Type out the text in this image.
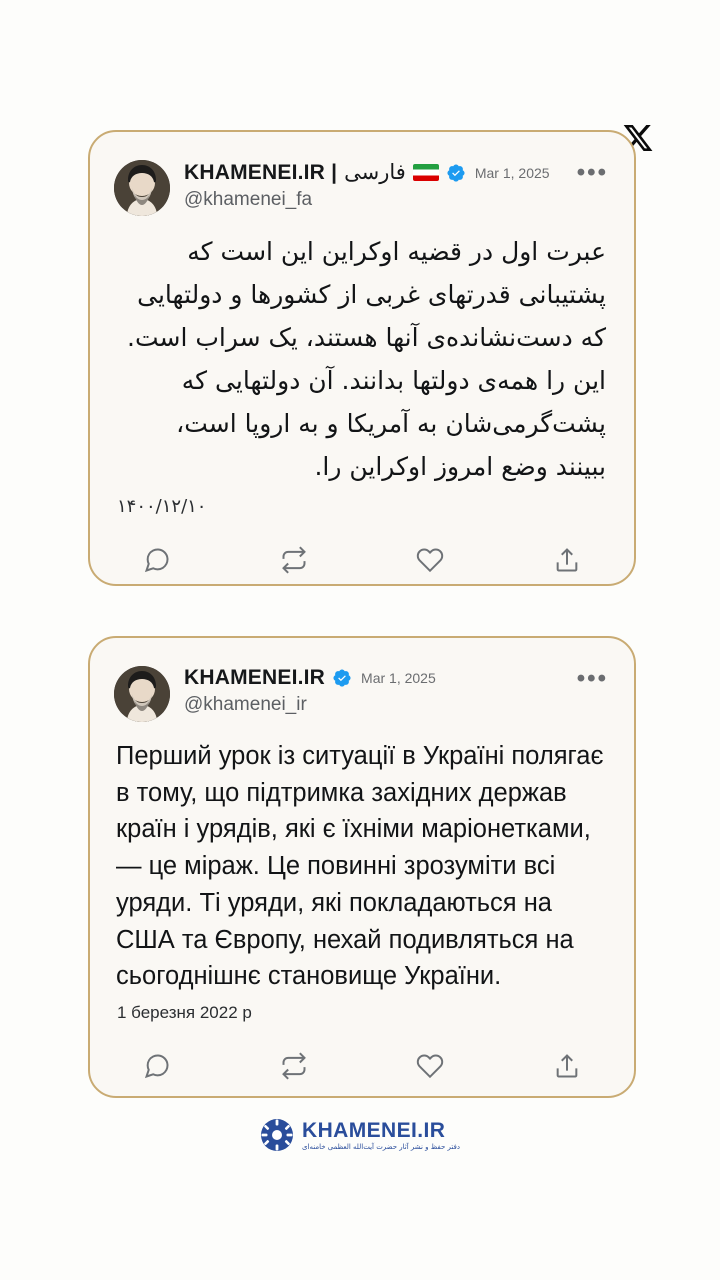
•••
KHAMENEI.IR | فارسی	Mar 1, 2025
@khamenei_fa
عبرت اول در قضیه اوکراین این است که پشتیبانی قدرتهای غربی از کشورها و دولتهایی که دست‌نشانده‌ی آنها هستند، یک سراب است. این را همه‌ی دولتها بدانند. آن دولتهایی که پشت‌گرمی‌شان به آمریکا و به اروپا است، ببینند وضع امروز اوکراین را.
۱۴۰۰/۱۲/۱۰
•••
KHAMENEI.IR	Mar 1, 2025
@khamenei_ir
Перший урок із ситуації в Україні полягає в тому, що підтримка західних держав країн і урядів, які є їхніми маріонетками, — це міраж. Це повинні зрозуміти всі уряди. Ті уряди, які покладаються на США та Європу, нехай подивляться на сьогоднішнє становище України.
1 березня 2022 р
KHAMENEI.IR
دفتر حفظ و نشر آثار حضرت آیت‌الله العظمی خامنه‌ای
